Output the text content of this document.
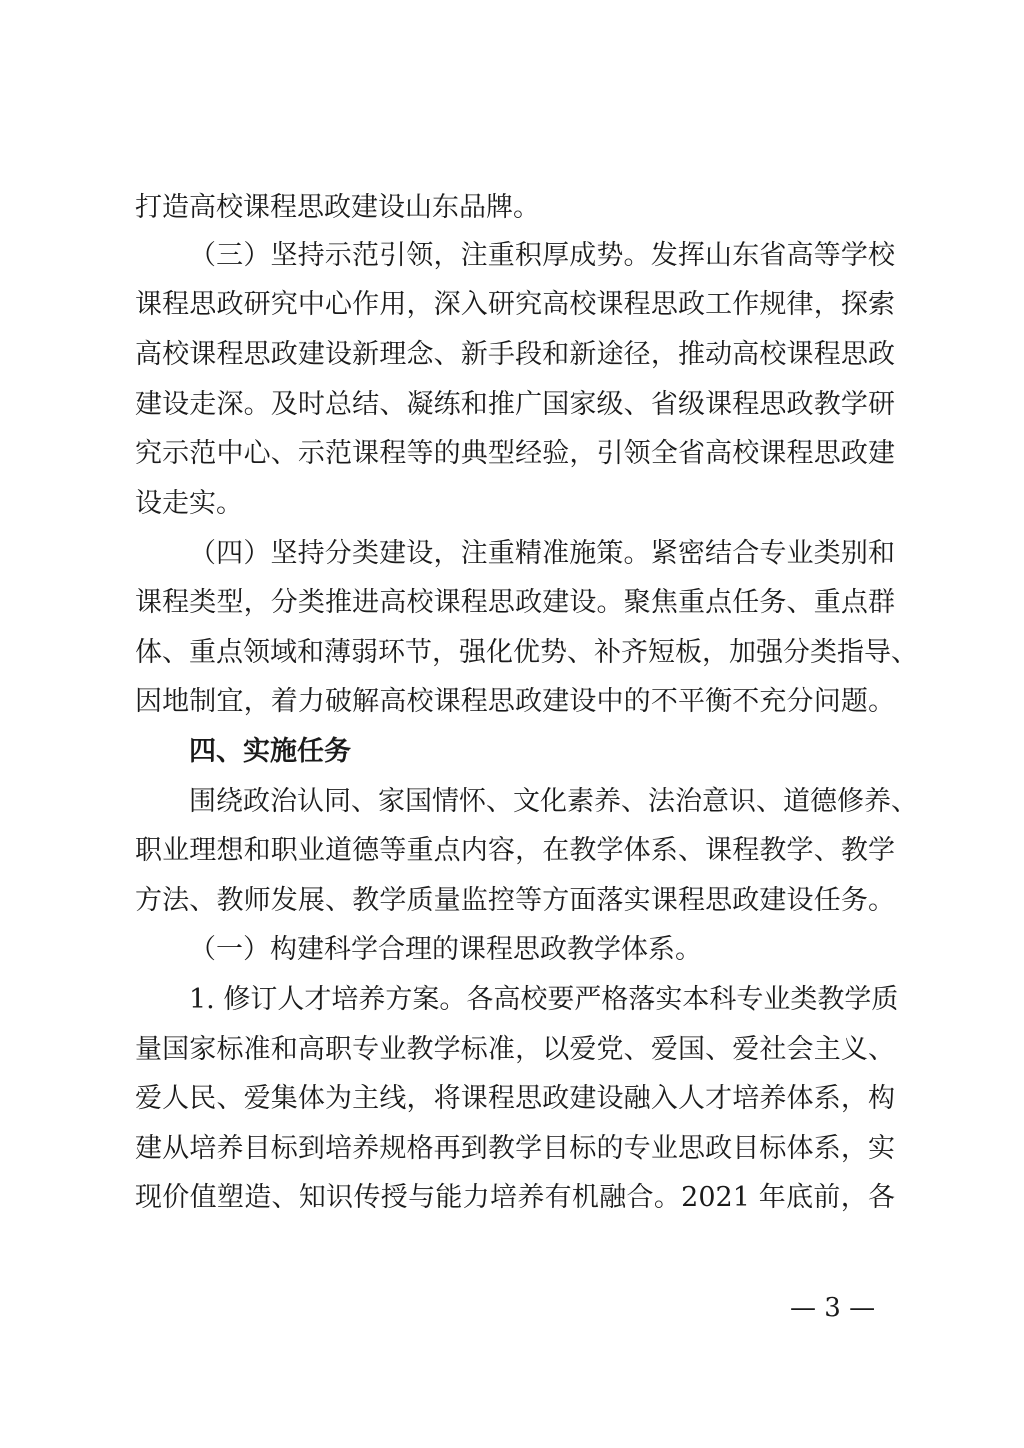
打造高校课程思政建设山东品牌。
（三）坚持示范引领，注重积厚成势。发挥山东省高等学校
课程思政研究中心作用，深入研究高校课程思政工作规律，探索
高校课程思政建设新理念、新手段和新途径，推动高校课程思政
建设走深。及时总结、凝练和推广国家级、省级课程思政教学研
究示范中心、示范课程等的典型经验，引领全省高校课程思政建
设走实。
（四）坚持分类建设，注重精准施策。紧密结合专业类别和
课程类型，分类推进高校课程思政建设。聚焦重点任务、重点群
体、重点领域和薄弱环节，强化优势、补齐短板，加强分类指导、
因地制宜，着力破解高校课程思政建设中的不平衡不充分问题。
四、实施任务
围绕政治认同、家国情怀、文化素养、法治意识、道德修养、
职业理想和职业道德等重点内容，在教学体系、课程教学、教学
方法、教师发展、教学质量监控等方面落实课程思政建设任务。
（一）构建科学合理的课程思政教学体系。
1. 修订人才培养方案。各高校要严格落实本科专业类教学质
量国家标准和高职专业教学标准，以爱党、爱国、爱社会主义、
爱人民、爱集体为主线，将课程思政建设融入人才培养体系，构
建从培养目标到培养规格再到教学目标的专业思政目标体系，实
现价值塑造、知识传授与能力培养有机融合。2021 年底前，各
— 3 —
